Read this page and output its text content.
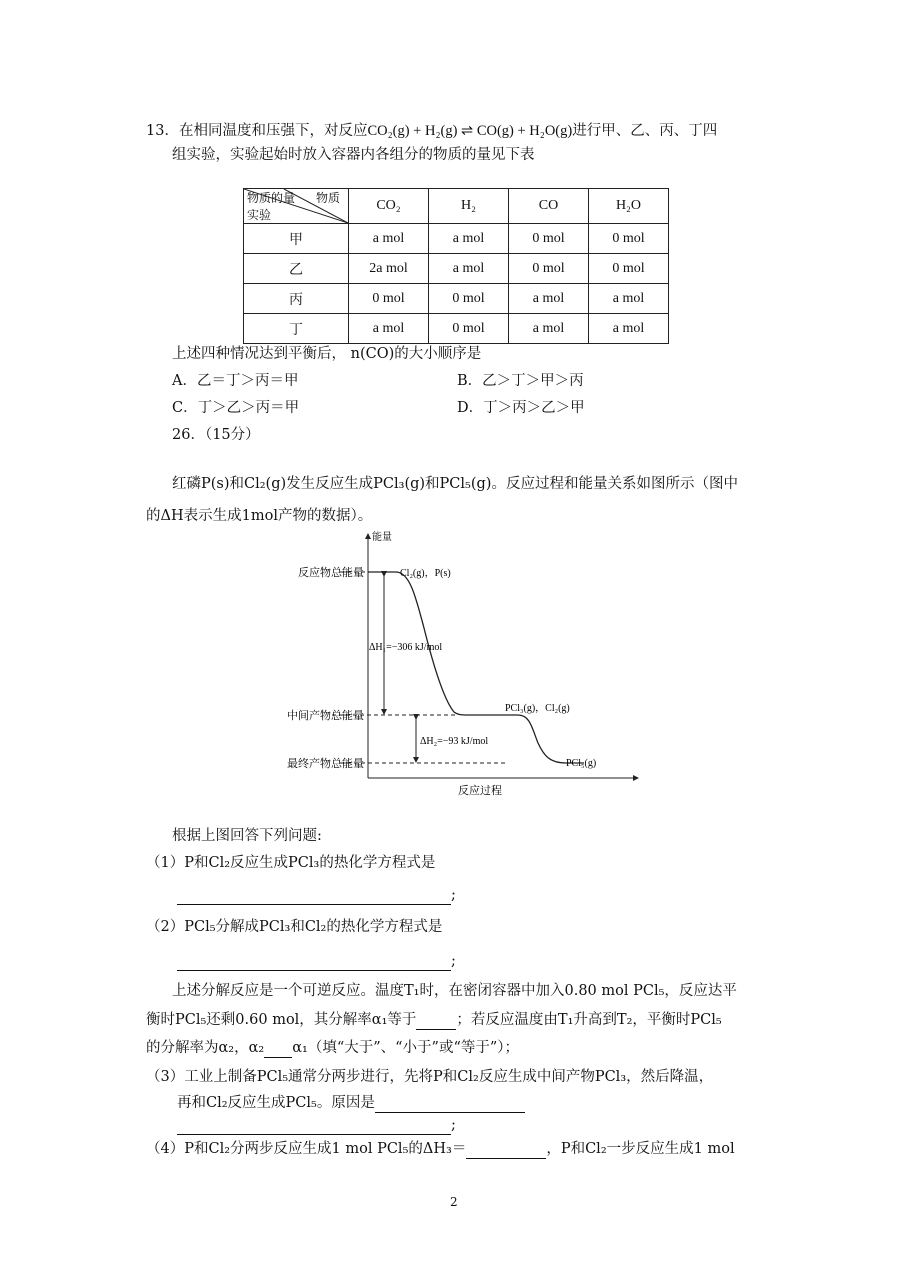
13．在相同温度和压强下，对反应CO₂(g) + H₂(g) ⇌ CO(g) + H₂O(g)进行甲、乙、丙、丁四
组实验，实验起始时放入容器内各组分的物质的量见下表
物质的量 物质
实验	CO₂	H₂	CO	H₂O
甲	a mol	a mol	0 mol	0 mol
乙	2a mol	a mol	0 mol	0 mol
丙	0 mol	0 mol	a mol	a mol
丁	a mol	0 mol	a mol	a mol
上述四种情况达到平衡后， n(CO)的大小顺序是
A．乙＝丁＞丙＝甲	B．乙＞丁＞甲＞丙
C．丁＞乙＞丙＝甲	D．丁＞丙＞乙＞甲
26．（15分）
红磷P(s)和Cl₂(g)发生反应生成PCl₃(g)和PCl₅(g)。反应过程和能量关系如图所示（图中
的ΔH表示生成1mol产物的数据）。
能量
反应过程
反应物总能量
中间产物总能量
最终产物总能量
Cl₂(g)，P(s)
PCl₃(g)，Cl₂(g)
PCl₅(g)
ΔH₁=−306 kJ/mol
ΔH₂=−93 kJ/mol
根据上图回答下列问题:
（1）P和Cl₂反应生成PCl₃的热化学方程式是
;
（2）PCl₅分解成PCl₃和Cl₂的热化学方程式是
;
上述分解反应是一个可逆反应。温度T₁时，在密闭容器中加入0.80 mol PCl₅，反应达平
衡时PCl₅还剩0.60 mol，其分解率α₁等于	；若反应温度由T₁升高到T₂，平衡时PCl₅
的分解率为α₂，α₂ α₁（填“大于”、“小于”或“等于”）；
（3）工业上制备PCl₅通常分两步进行，先将P和Cl₂反应生成中间产物PCl₃，然后降温，
再和Cl₂反应生成PCl₅。原因是
;
（4）P和Cl₂分两步反应生成1 mol PCl₅的ΔH₃＝	，P和Cl₂一步反应生成1 mol
2
